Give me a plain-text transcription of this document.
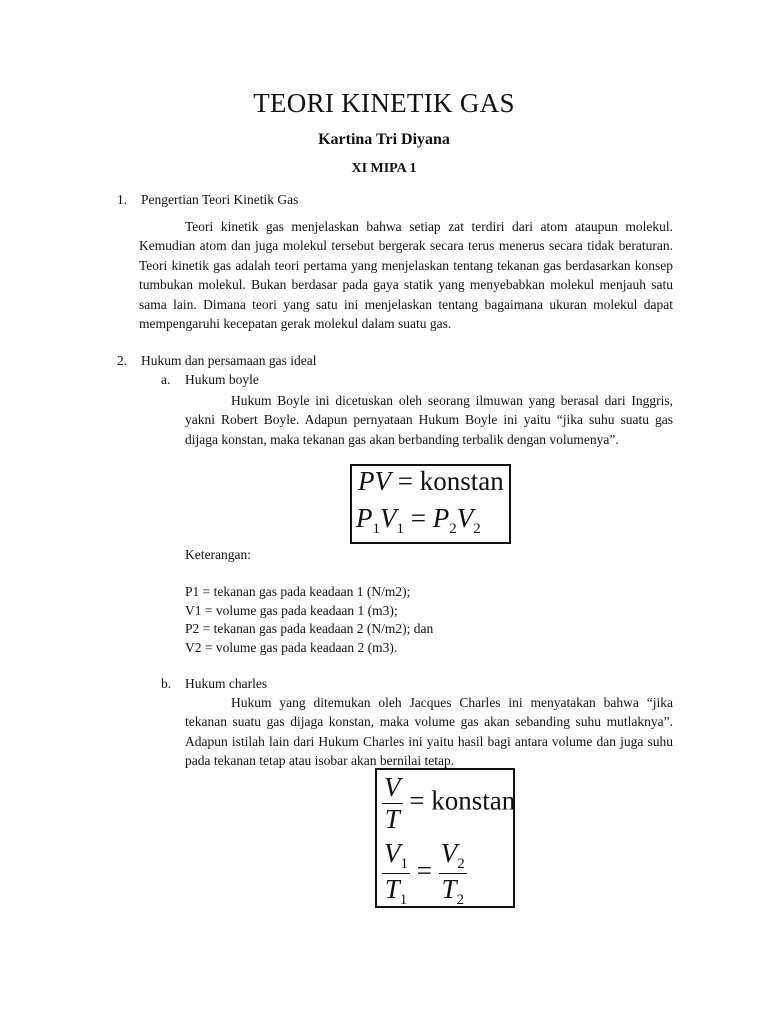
TEORI KINETIK GAS
Kartina Tri Diyana
XI MIPA 1
1. Pengertian Teori Kinetik Gas
Teori kinetik gas menjelaskan bahwa setiap zat terdiri dari atom ataupun molekul. Kemudian atom dan juga molekul tersebut bergerak secara terus menerus secara tidak beraturan. Teori kinetik gas adalah teori pertama yang menjelaskan tentang tekanan gas berdasarkan konsep tumbukan molekul. Bukan berdasar pada gaya statik yang menyebabkan molekul menjauh satu sama lain. Dimana teori yang satu ini menjelaskan tentang bagaimana ukuran molekul dapat mempengaruhi kecepatan gerak molekul dalam suatu gas.
2. Hukum dan persamaan gas ideal
a. Hukum boyle
Hukum Boyle ini dicetuskan oleh seorang ilmuwan yang berasal dari Inggris, yakni Robert Boyle. Adapun pernyataan Hukum Boyle ini yaitu “jika suhu suatu gas dijaga konstan, maka tekanan gas akan berbanding terbalik dengan volumenya”.
PV = konstan
$P_1V_1 = P_2V_2$
Keterangan:
P1 = tekanan gas pada keadaan 1 (N/m2);
V1 = volume gas pada keadaan 1 (m3);
P2 = tekanan gas pada keadaan 2 (N/m2); dan
V2 = volume gas pada keadaan 2 (m3).
b. Hukum charles
Hukum yang ditemukan oleh Jacques Charles ini menyatakan bahwa “jika tekanan suatu gas dijaga konstan, maka volume gas akan sebanding suhu mutlaknya”. Adapun istilah lain dari Hukum Charles ini yaitu hasil bagi antara volume dan juga suhu pada tekanan tetap atau isobar akan bernilai tetap.
$\frac{V}{T}$ = konstan
$\frac{V_1}{T_1} = \frac{V_2}{T_2}$
